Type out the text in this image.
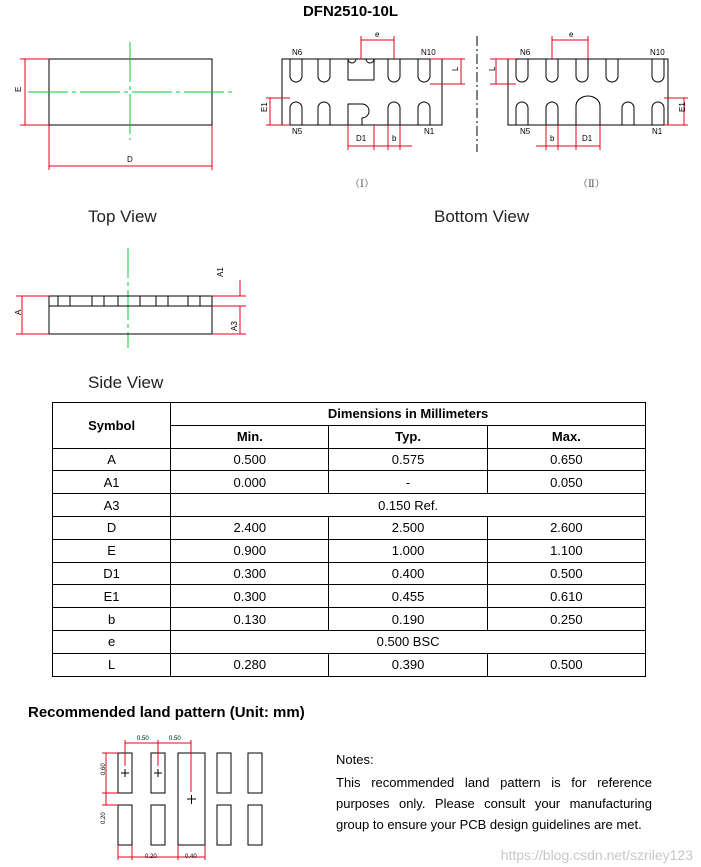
DFN2510-10L
E
D
N6	N10
N5	N1
e
L
E1
D1	b
（Ⅰ）
N6	N10
N5	N1
e
L
E1
b	D1
（Ⅱ）
A
A1
A3
Top View	Bottom View
Side View
Symbol	Dimensions in Millimeters		
	Min.	Typ.	Max.
A	0.500	0.575	0.650
A1	0.000	-	0.050
A3	0.150 Ref.		
D	2.400	2.500	2.600
E	0.900	1.000	1.100
D1	0.300	0.400	0.500
E1	0.300	0.455	0.610
b	0.130	0.190	0.250
e	0.500 BSC		
L	0.280	0.390	0.500
Recommended land pattern (Unit: mm)
0.50	0.50
0.60
0.20
0.20	0.40
Notes:
This recommended land pattern is for reference purposes only. Please consult your manufacturing group to ensure your PCB design guidelines are met.
https://blog.csdn.net/szriley123
